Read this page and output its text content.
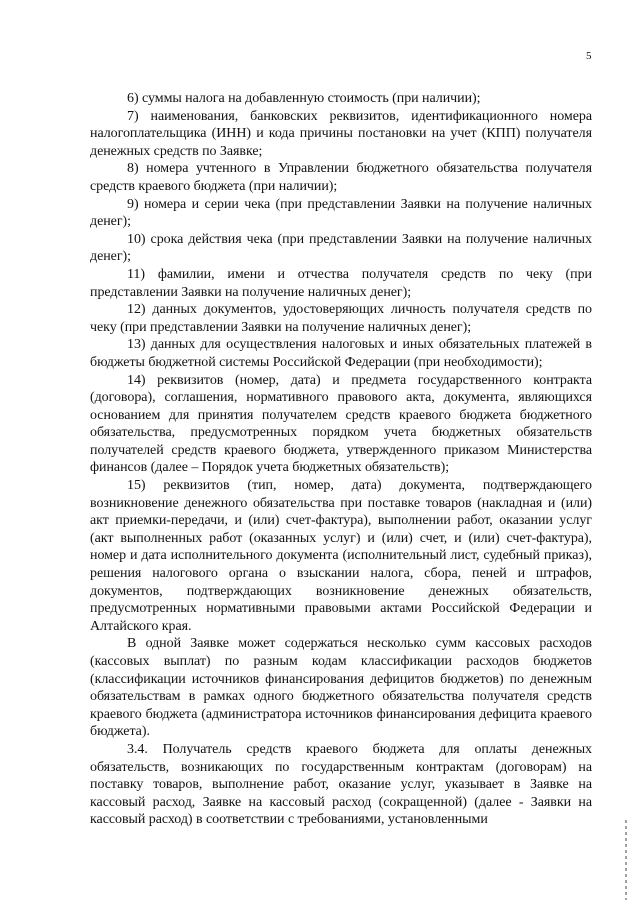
5

6) суммы налога на добавленную стоимость (при наличии);

7) наименования, банковских реквизитов, идентификационного номера налогоплательщика (ИНН) и кода причины постановки на учет (КПП) получателя денежных средств по Заявке;

8) номера учтенного в Управлении бюджетного обязательства получателя средств краевого бюджета (при наличии);

9) номера и серии чека (при представлении Заявки на получение наличных денег);

10) срока действия чека (при представлении Заявки на получение наличных денег);

11) фамилии, имени и отчества получателя средств по чеку (при представлении Заявки на получение наличных денег);

12) данных документов, удостоверяющих личность получателя средств по чеку (при представлении Заявки на получение наличных денег);

13) данных для осуществления налоговых и иных обязательных платежей в бюджеты бюджетной системы Российской Федерации (при необходимости);

14) реквизитов (номер, дата) и предмета государственного контракта (договора), соглашения, нормативного правового акта, документа, являющихся основанием для принятия получателем средств краевого бюджета бюджетного обязательства, предусмотренных порядком учета бюджетных обязательств получателей средств краевого бюджета, утвержденного приказом Министерства финансов (далее – Порядок учета бюджетных обязательств);

15) реквизитов (тип, номер, дата) документа, подтверждающего возникновение денежного обязательства при поставке товаров (накладная и (или) акт приемки-передачи, и (или) счет-фактура), выполнении работ, оказании услуг (акт выполненных работ (оказанных услуг) и (или) счет, и (или) счет-фактура), номер и дата исполнительного документа (исполнительный лист, судебный приказ), решения налогового органа о взыскании налога, сбора, пеней и штрафов, документов, подтверждающих возникновение денежных обязательств, предусмотренных нормативными правовыми актами Российской Федерации и Алтайского края.

В одной Заявке может содержаться несколько сумм кассовых расходов (кассовых выплат) по разным кодам классификации расходов бюджетов (классификации источников финансирования дефицитов бюджетов) по денежным обязательствам в рамках одного бюджетного обязательства получателя средств краевого бюджета (администратора источников финансирования дефицита краевого бюджета).

3.4. Получатель средств краевого бюджета для оплаты денежных обязательств, возникающих по государственным контрактам (договорам) на поставку товаров, выполнение работ, оказание услуг, указывает в Заявке на кассовый расход, Заявке на кассовый расход (сокращенной) (далее - Заявки на кассовый расход) в соответствии с требованиями, установленными
